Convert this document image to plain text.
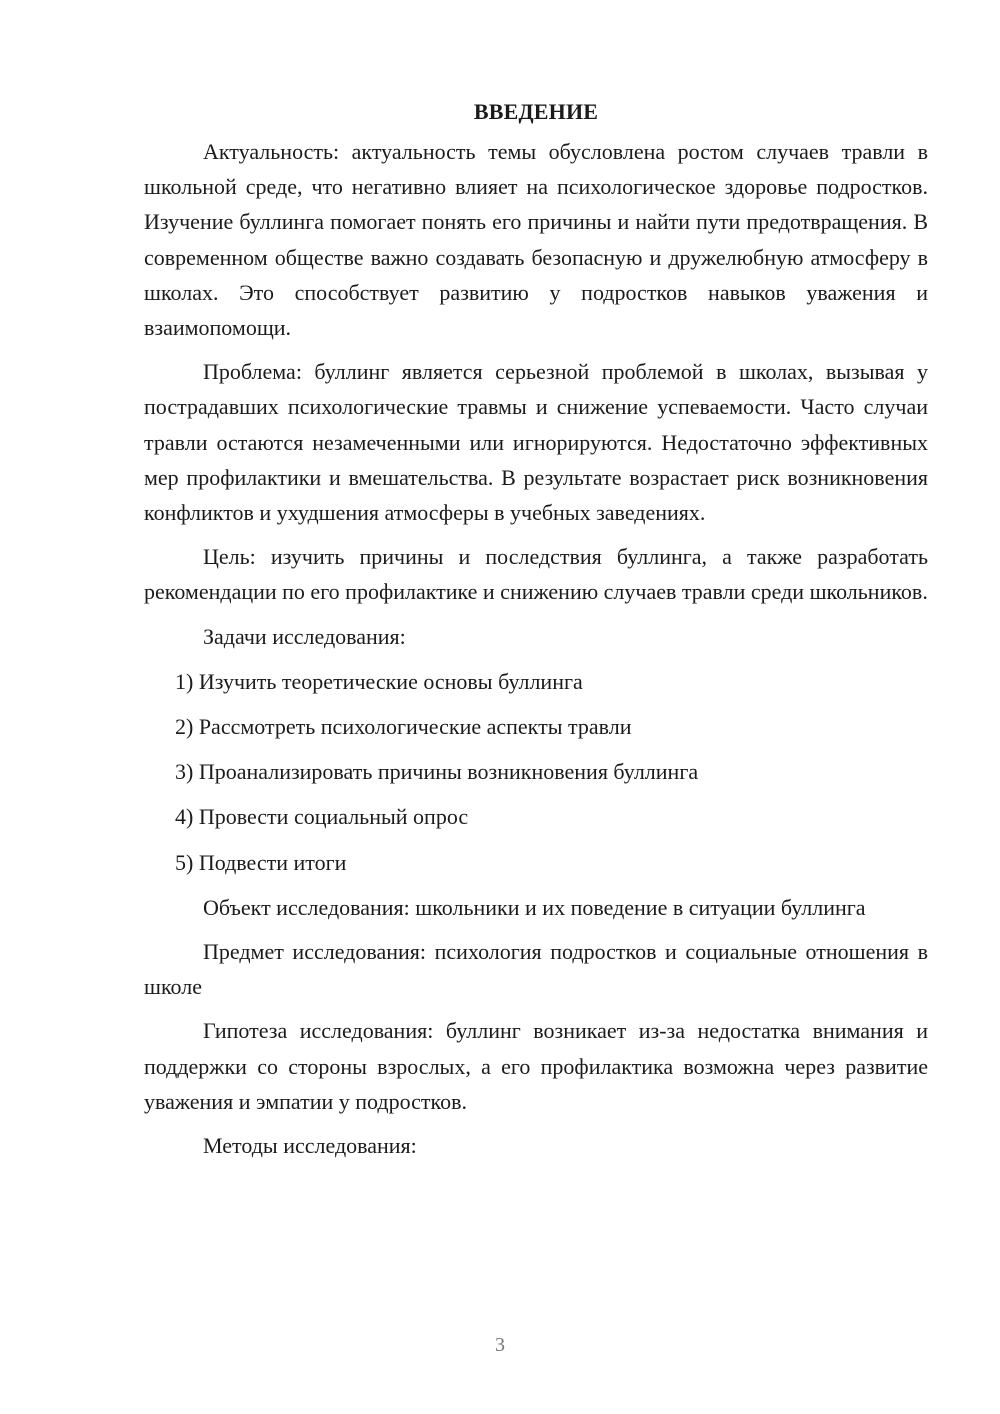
ВВЕДЕНИЕ

Актуальность: актуальность темы обусловлена ростом случаев травли в школьной среде, что негативно влияет на психологическое здоровье подростков. Изучение буллинга помогает понять его причины и найти пути предотвращения. В современном обществе важно создавать безопасную и дружелюбную атмосферу в школах. Это способствует развитию у подростков навыков уважения и взаимопомощи.

Проблема: буллинг является серьезной проблемой в школах, вызывая у пострадавших психологические травмы и снижение успеваемости. Часто случаи травли остаются незамеченными или игнорируются. Недостаточно эффективных мер профилактики и вмешательства. В результате возрастает риск возникновения конфликтов и ухудшения атмосферы в учебных заведениях.

Цель: изучить причины и последствия буллинга, а также разработать рекомендации по его профилактике и снижению случаев травли среди школьников.

Задачи исследования:

1) Изучить теоретические основы буллинга
2) Рассмотреть психологические аспекты травли
3) Проанализировать причины возникновения буллинга
4) Провести социальный опрос
5) Подвести итоги

Объект исследования: школьники и их поведение в ситуации буллинга

Предмет исследования: психология подростков и социальные отношения в школе

Гипотеза исследования: буллинг возникает из-за недостатка внимания и поддержки со стороны взрослых, а его профилактика возможна через развитие уважения и эмпатии у подростков.

Методы исследования:

3
